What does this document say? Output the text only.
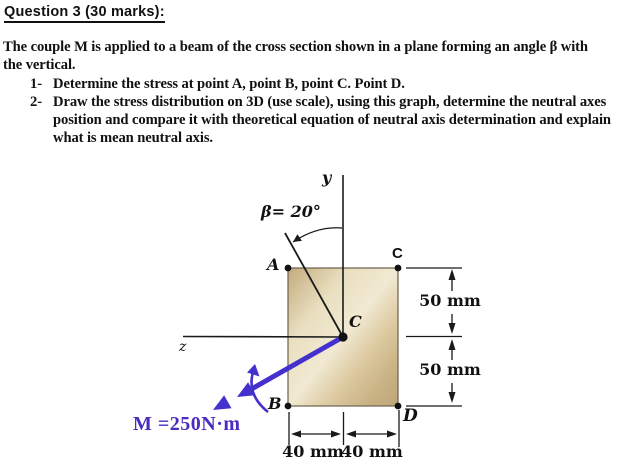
Question 3 (30 marks):
The couple M is applied to a beam of the cross section shown in a plane forming an angle β with
the vertical.
1- Determine the stress at point A, point B, point C. Point D.
2- Draw the stress distribution on 3D (use scale), using this graph, determine the neutral axes
position and compare it with theoretical equation of neutral axis determination and explain
what is mean neutral axis.
y
z
β= 20°
A
C
C
B
D
50 mm
50 mm
40 mm
40 mm
M =250N·m
